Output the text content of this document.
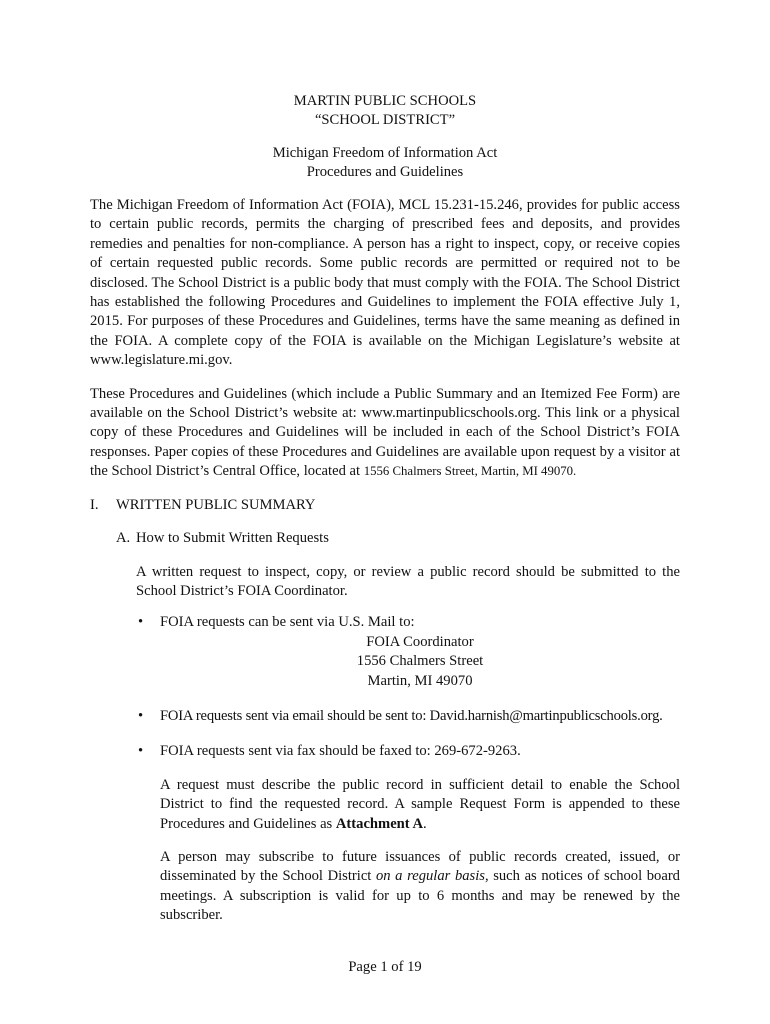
MARTIN PUBLIC SCHOOLS

“SCHOOL DISTRICT”

Michigan Freedom of Information Act

Procedures and Guidelines

The Michigan Freedom of Information Act (FOIA), MCL 15.231-15.246, provides for public access to certain public records, permits the charging of prescribed fees and deposits, and provides remedies and penalties for non-compliance. A person has a right to inspect, copy, or receive copies of certain requested public records. Some public records are permitted or required not to be disclosed. The School District is a public body that must comply with the FOIA. The School District has established the following Procedures and Guidelines to implement the FOIA effective July 1, 2015. For purposes of these Procedures and Guidelines, terms have the same meaning as defined in the FOIA. A complete copy of the FOIA is available on the Michigan Legislature’s website at www.legislature.mi.gov.

These Procedures and Guidelines (which include a Public Summary and an Itemized Fee Form) are available on the School District’s website at: www.martinpublicschools.org. This link or a physical copy of these Procedures and Guidelines will be included in each of the School District’s FOIA responses. Paper copies of these Procedures and Guidelines are available upon request by a visitor at the School District’s Central Office, located at 1556 Chalmers Street, Martin, MI 49070.

I.	WRITTEN PUBLIC SUMMARY
A. How to Submit Written Requests

A written request to inspect, copy, or review a public record should be submitted to the School District’s FOIA Coordinator.

•	FOIA requests can be sent via U.S. Mail to:
FOIA Coordinator
1556 Chalmers Street
Martin, MI 49070
•	FOIA requests sent via email should be sent to: David.harnish@martinpublicschools.org.
•	FOIA requests sent via fax should be faxed to: 269-672-9263.

A request must describe the public record in sufficient detail to enable the School District to find the requested record. A sample Request Form is appended to these Procedures and Guidelines as Attachment A.

A person may subscribe to future issuances of public records created, issued, or disseminated by the School District on a regular basis, such as notices of school board meetings. A subscription is valid for up to 6 months and may be renewed by the subscriber.

Page 1 of 19
